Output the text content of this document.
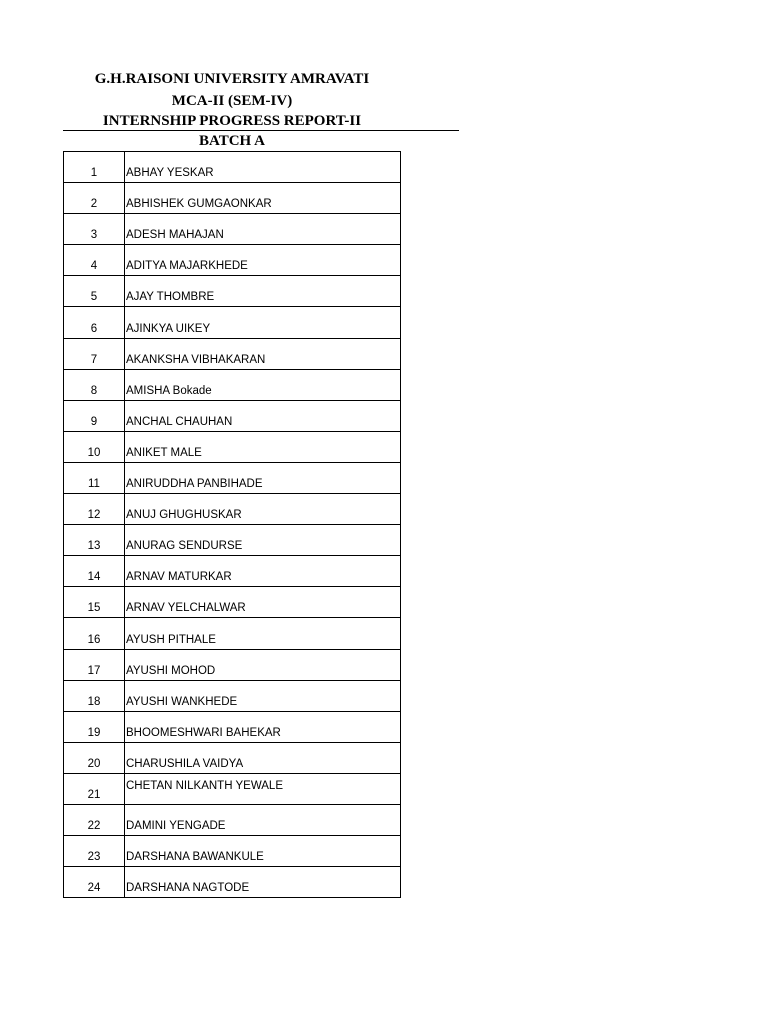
G.H.RAISONI UNIVERSITY AMRAVATI
MCA-II (SEM-IV)
INTERNSHIP PROGRESS REPORT-II
BATCH A
1	ABHAY YESKAR
2	ABHISHEK GUMGAONKAR
3	ADESH MAHAJAN
4	ADITYA MAJARKHEDE
5	AJAY THOMBRE
6	AJINKYA UIKEY
7	AKANKSHA VIBHAKARAN
8	AMISHA Bokade
9	ANCHAL CHAUHAN
10	ANIKET MALE
11	ANIRUDDHA PANBIHADE
12	ANUJ GHUGHUSKAR
13	ANURAG SENDURSE
14	ARNAV MATURKAR
15	ARNAV YELCHALWAR
16	AYUSH PITHALE
17	AYUSHI MOHOD
18	AYUSHI WANKHEDE
19	BHOOMESHWARI BAHEKAR
20	CHARUSHILA VAIDYA
21	CHETAN NILKANTH YEWALE
22	DAMINI YENGADE
23	DARSHANA BAWANKULE
24	DARSHANA NAGTODE
